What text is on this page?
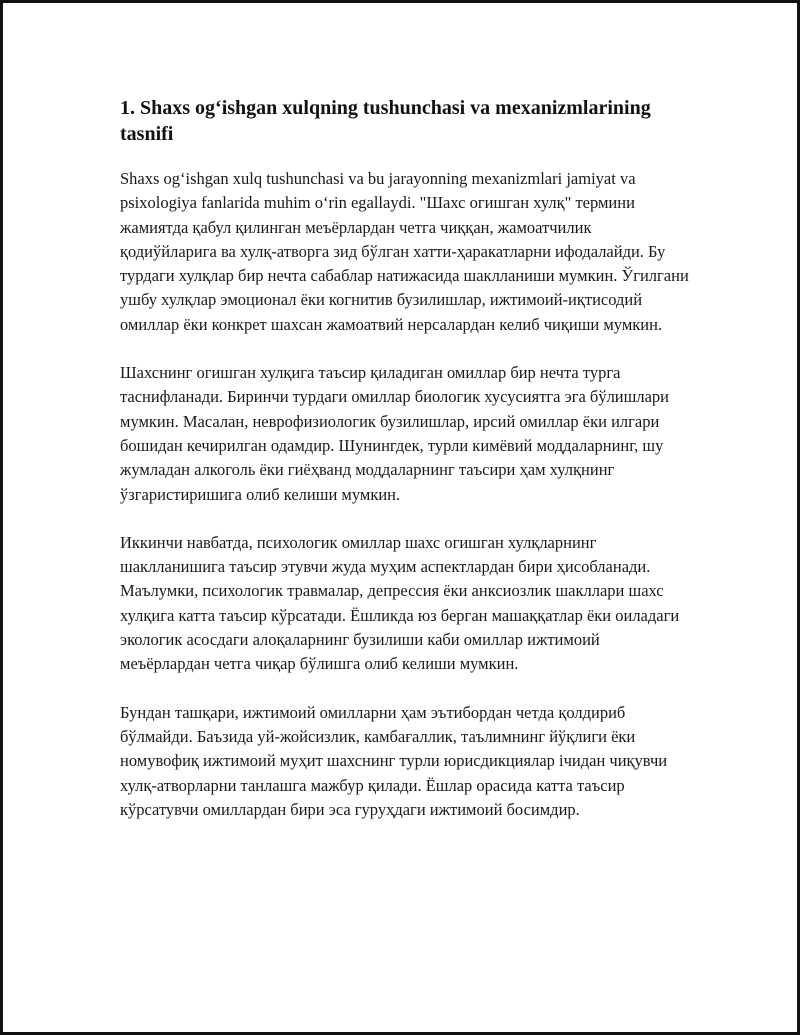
1. Shaxs og‘ishgan xulqning tushunchasi va mexanizmlarining tasnifi

Shaxs og‘ishgan xulq tushunchasi va bu jarayonning mexanizmlari jamiyat va psixologiya fanlarida muhim o‘rin egallaydi. "Шахс огишган хулқ" термини жамиятда қабул қилинган меъёрлардан четга чиққан, жамоатчилик қодиўйларига ва хулқ-атворга зид бўлган хатти-ҳаракатларни ифодалайди. Бу турдаги хулқлар бир нечта сабаблар натижасида шаклланиши мумкин. Ўгилгани ушбу хулқлар эмоционал ёки когнитив бузилишлар, ижтимоий-иқтисодий омиллар ёки конкрет шахсан жамоатвий нерсалардан келиб чиқиши мумкин.

Шахснинг огишган хулқига таъсир қиладиган омиллар бир нечта турга таснифланади. Биринчи турдаги омиллар биологик хусусиятга эга бўлишлари мумкин. Масалан, неврофизиологик бузилишлар, ирсий омиллар ёки илгари бошидан кечирилган одамдир. Шунингдек, турли кимёвий моддаларнинг, шу жумладан алкоголь ёки гиёҳванд моддаларнинг таъсири ҳам хулқнинг ўзгаристиришига олиб келиши мумкин.

Иккинчи навбатда, психологик омиллар шахс огишган хулқларнинг шаклланишига таъсир этувчи жуда муҳим аспектлардан бири ҳисобланади. Маълумки, психологик травмалар, депрессия ёки анксиозлик шакллари шахс хулқига катта таъсир кўрсатади. Ёшликда юз берган машаққатлар ёки оиладаги экологик асосдаги алоқаларнинг бузилиши каби омиллар ижтимоий меъёрлардан четга чиқар бўлишга олиб келиши мумкин.

Бундан ташқари, ижтимоий омилларни ҳам эътибордан четда қолдириб бўлмайди. Баъзида уй-жойсизлик, камбағаллик, таълимнинг йўқлиги ёки номувофиқ ижтимоий муҳит шахснинг турли юрисдикциялар ічидан чиқувчи хулқ-атворларни танлашга мажбур қилади. Ёшлар орасида катта таъсир кўрсатувчи омиллардан бири эса гуруҳдаги ижтимоий босимдир.
